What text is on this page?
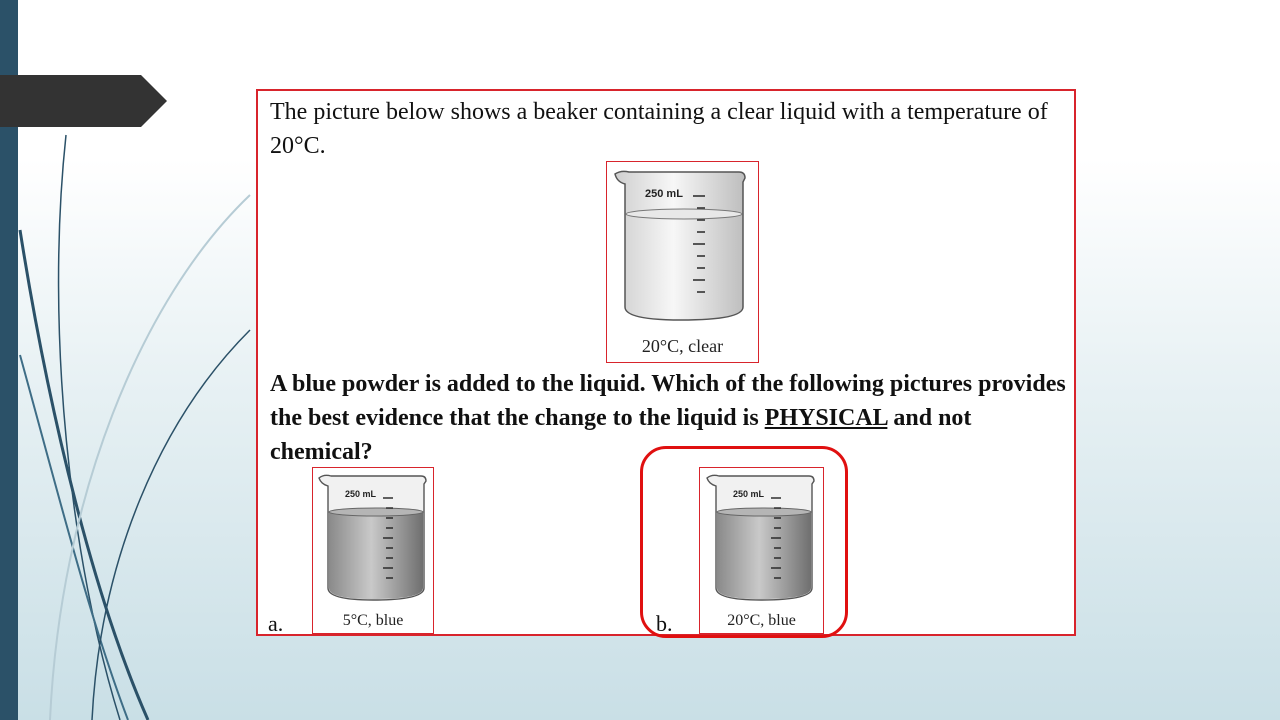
The picture below shows a beaker containing a clear liquid with a temperature of 20°C.
250 mL
20°C, clear
A blue powder is added to the liquid. Which of the following pictures provides the best evidence that the change to the liquid is PHYSICAL and not chemical?
a.
250 mL
5°C, blue	b.
250 mL
20°C, blue
